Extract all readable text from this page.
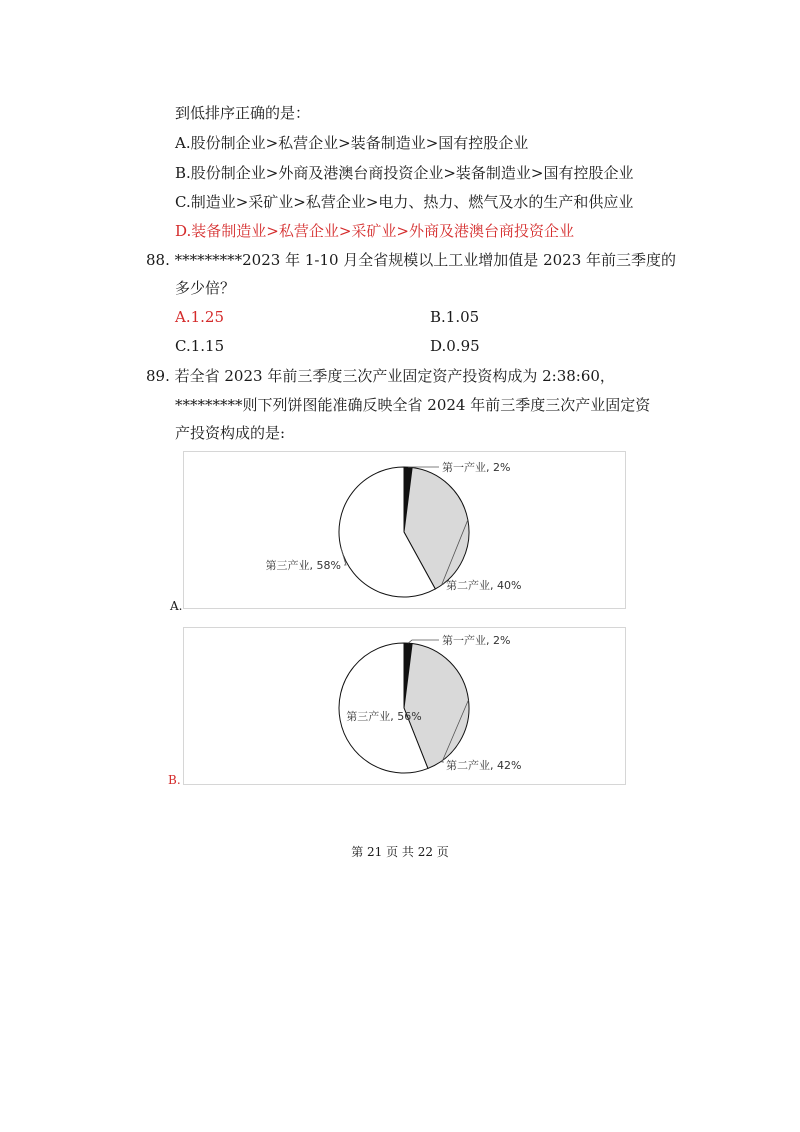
到低排序正确的是：
A.股份制企业>私营企业>装备制造业>国有控股企业
B.股份制企业>外商及港澳台商投资企业>装备制造业>国有控股企业
C.制造业>采矿业>私营企业>电力、热力、燃气及水的生产和供应业
D.装备制造业>私营企业>采矿业>外商及港澳台商投资企业
88. *********2023 年 1-10 月全省规模以上工业增加值是 2023 年前三季度的
多少倍？
A.1.25	B.1.05
C.1.15	D.0.95
89. 若全省 2023 年前三季度三次产业固定资产投资构成为 2:38:60，
*********则下列饼图能准确反映全省 2024 年前三季度三次产业固定资
产投资构成的是:
第一产业, 2%
第二产业, 40%
第三产业, 58%
A.
第一产业, 2%
第二产业, 42%
第三产业, 56%
B.
第 21 页 共 22 页
